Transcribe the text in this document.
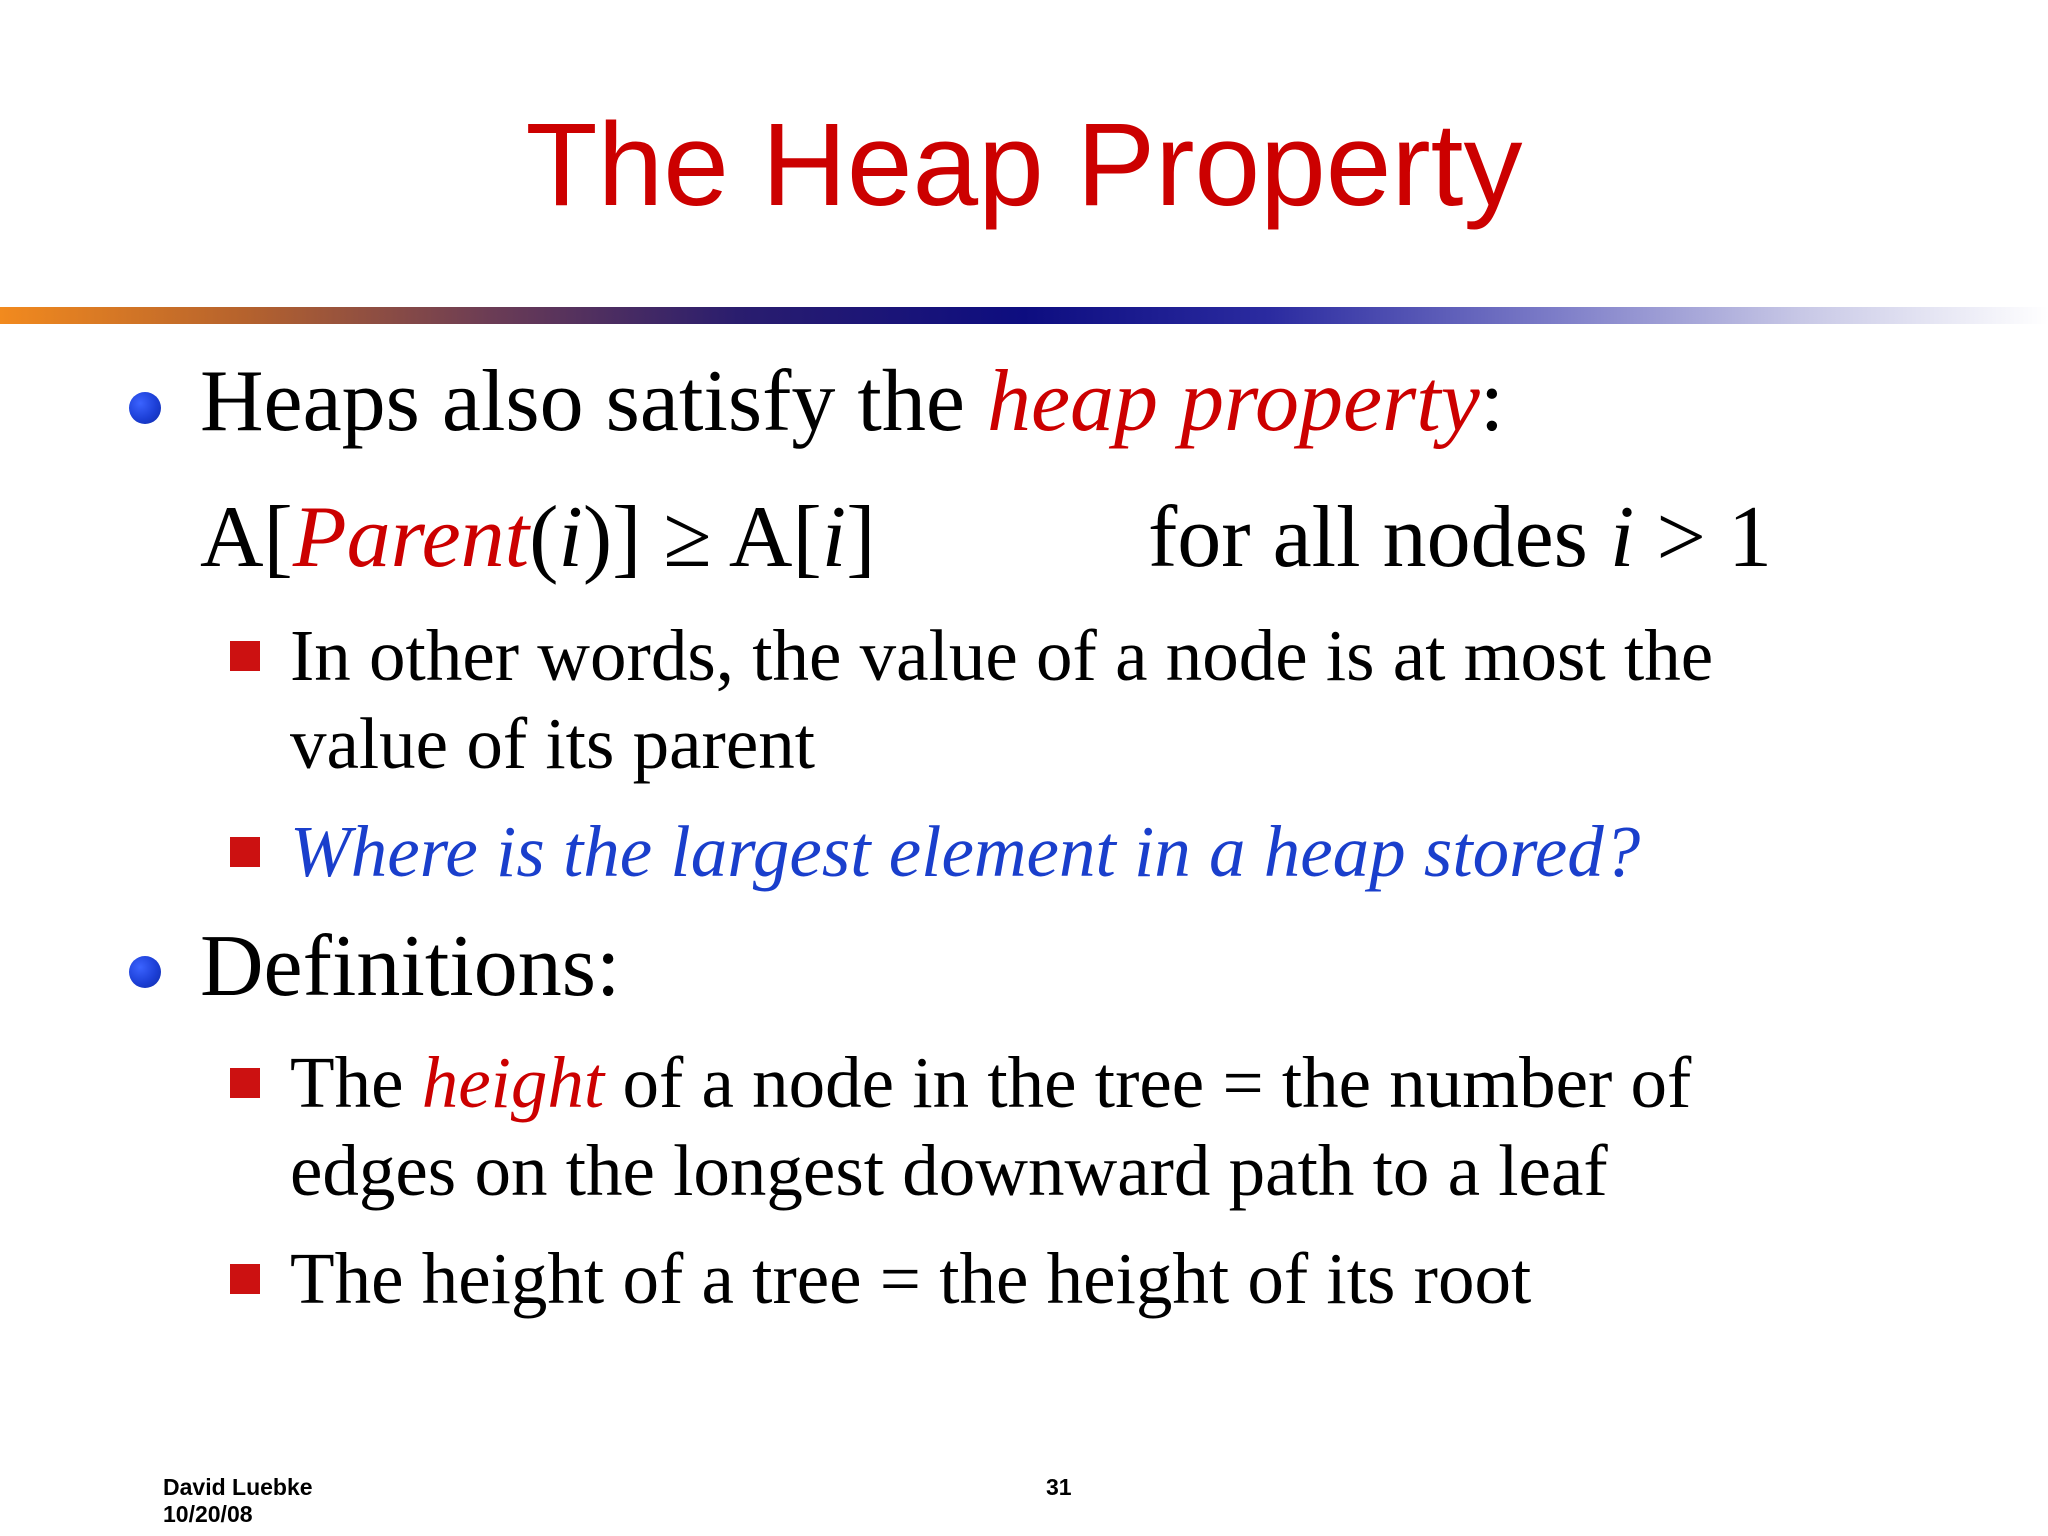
The Heap Property
Heaps also satisfy the heap property:
A[Parent(i)] ≥ A[i]	for all nodes i > 1
In other words, the value of a node is at most the
value of its parent
Where is the largest element in a heap stored?
Definitions:
The height of a node in the tree = the number of
edges on the longest downward path to a leaf
The height of a tree = the height of its root
David Luebke
10/20/08
31
